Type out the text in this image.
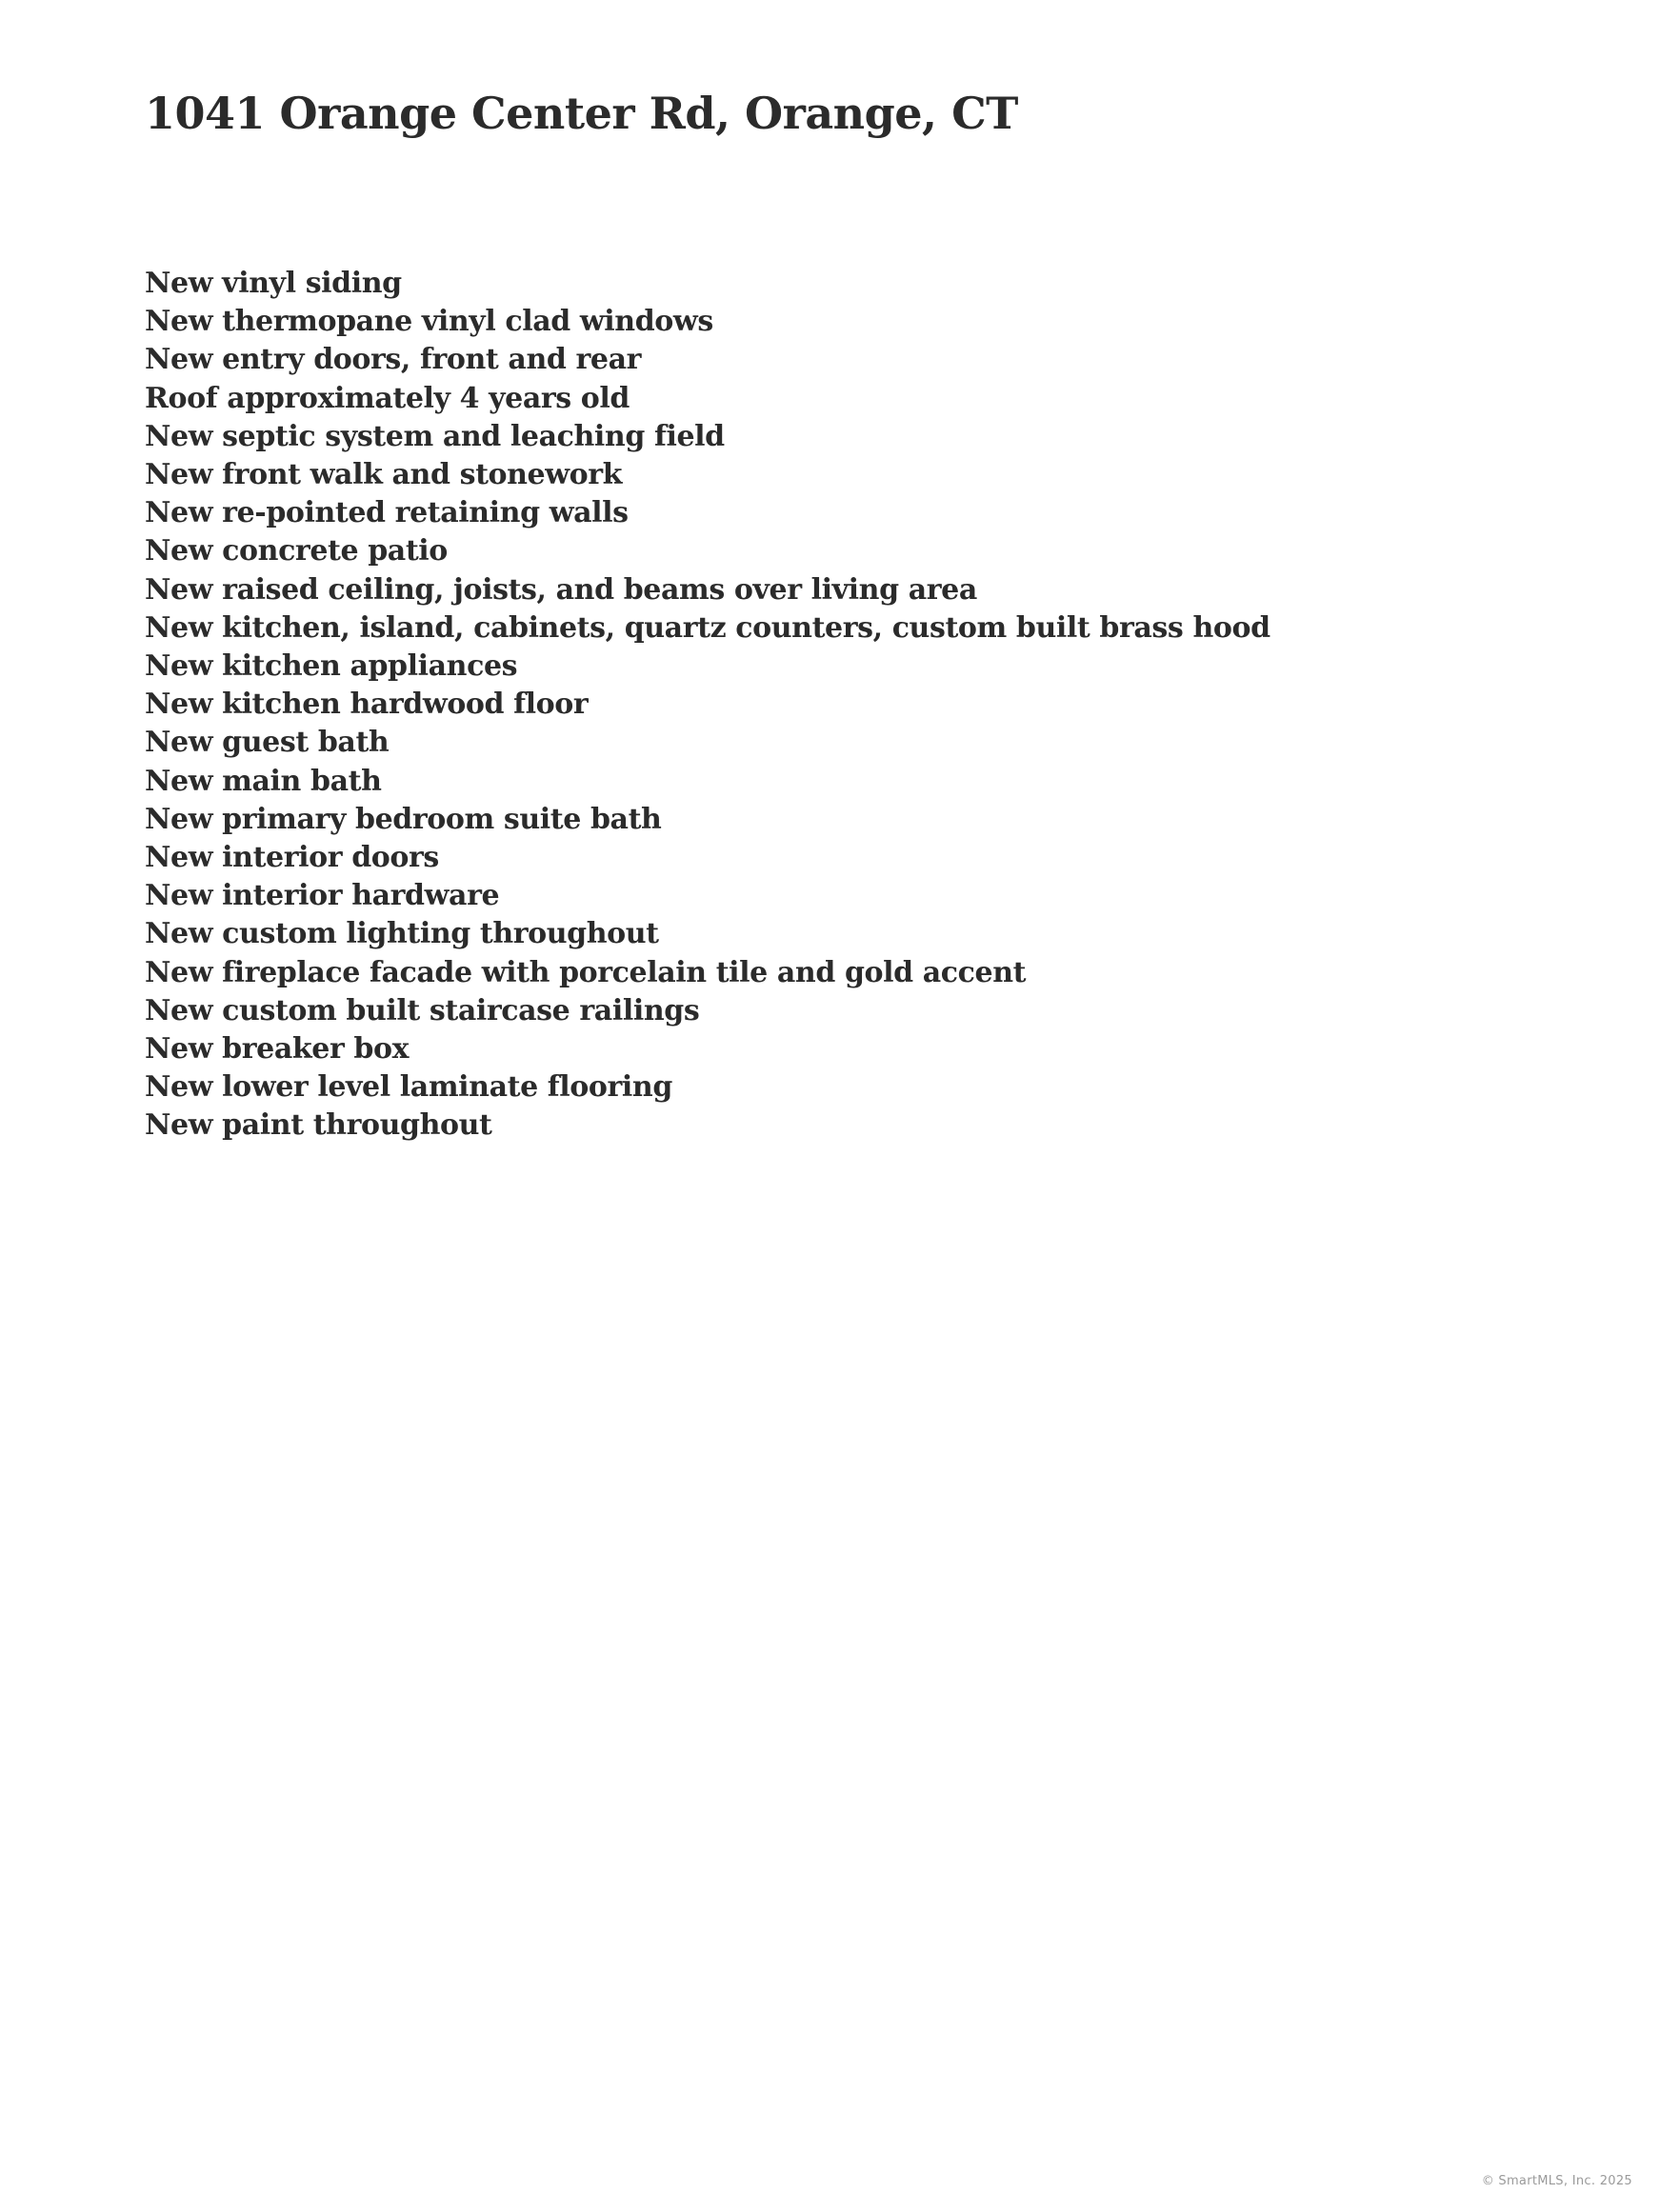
1041 Orange Center Rd, Orange, CT
New vinyl siding
New thermopane vinyl clad windows
New entry doors, front and rear
Roof approximately 4 years old
New septic system and leaching field
New front walk and stonework
New re-pointed retaining walls
New concrete patio
New raised ceiling, joists, and beams over living area
New kitchen, island, cabinets, quartz counters, custom built brass hood
New kitchen appliances
New kitchen hardwood floor
New guest bath
New main bath
New primary bedroom suite bath
New interior doors
New interior hardware
New custom lighting throughout
New fireplace facade with porcelain tile and gold accent
New custom built staircase railings
New breaker box
New lower level laminate flooring
New paint throughout
© SmartMLS, Inc. 2025
